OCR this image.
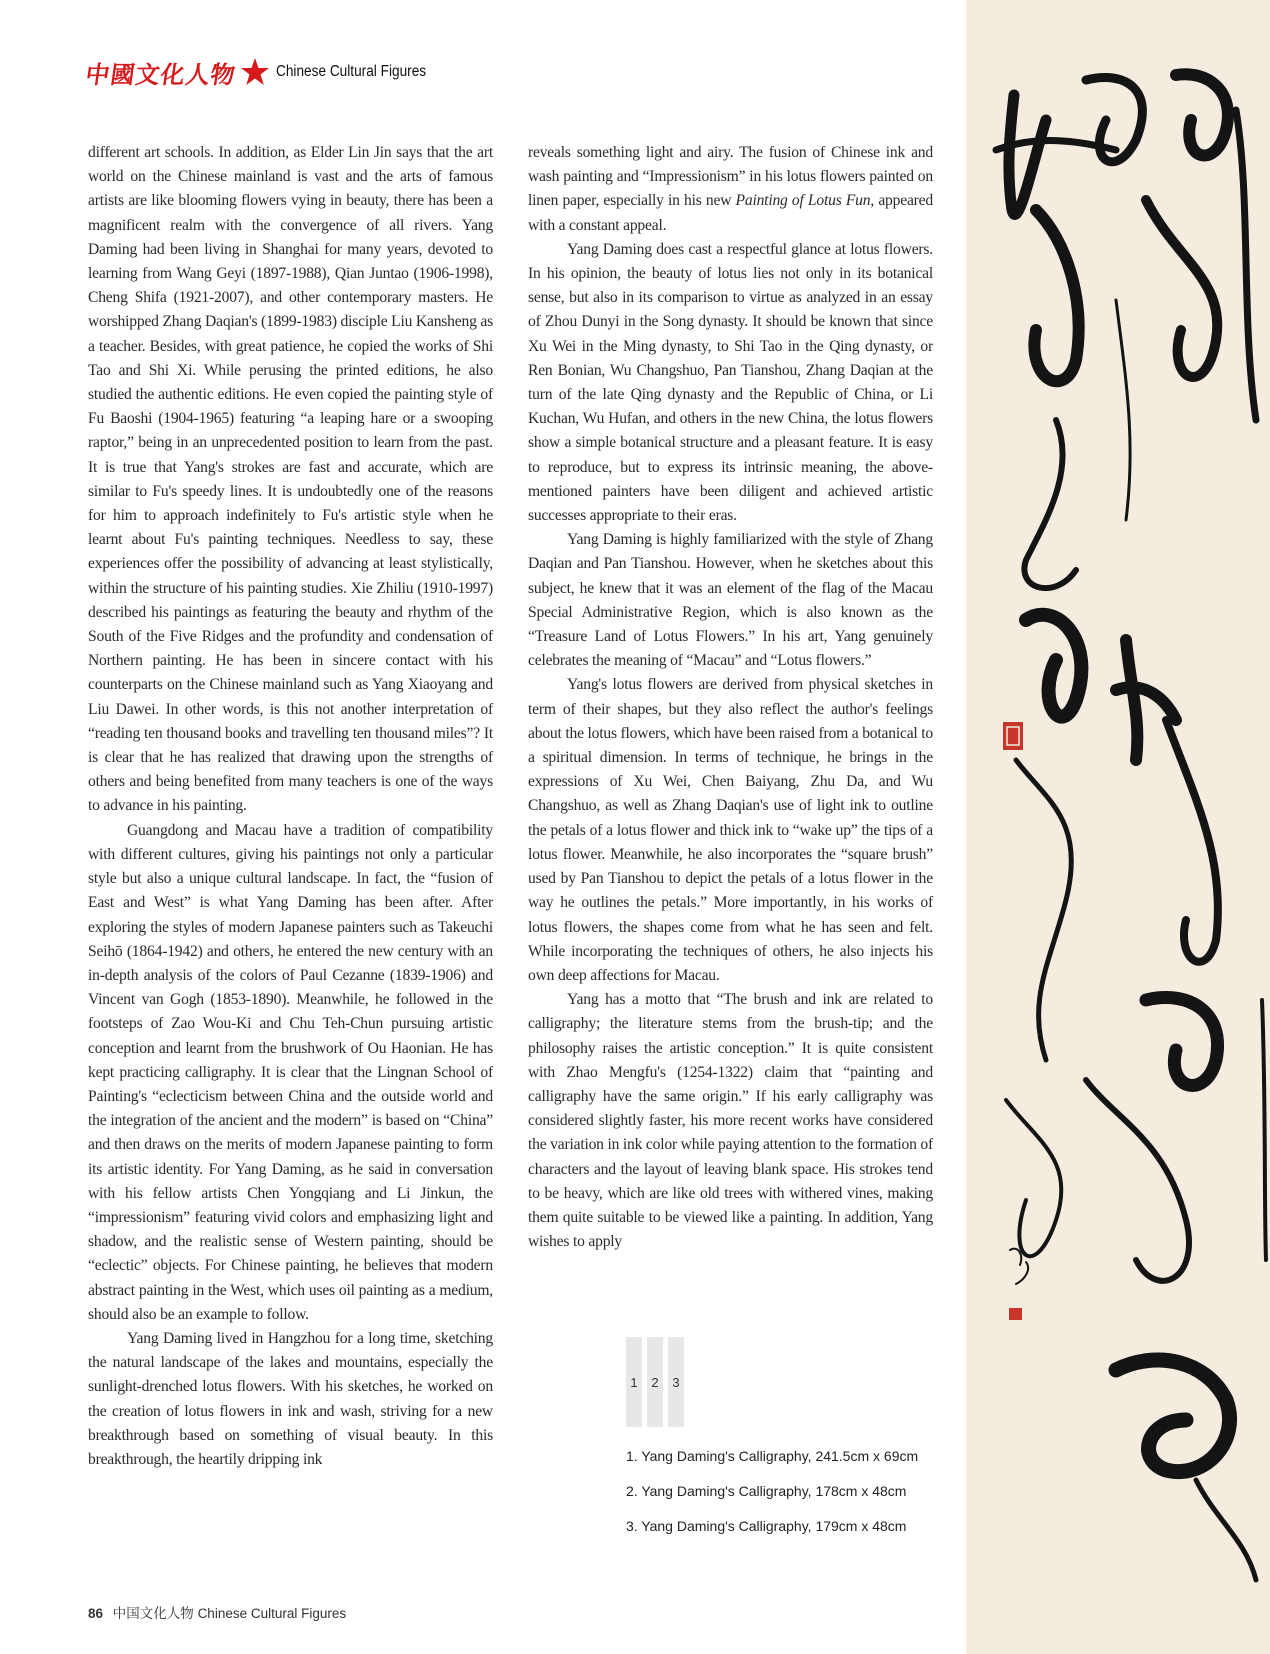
中國文化人物 Chinese Cultural Figures

different art schools. In addition, as Elder Lin Jin says that the art world on the Chinese mainland is vast and the arts of famous artists are like blooming flowers vying in beauty, there has been a magnificent realm with the convergence of all rivers. Yang Daming had been living in Shanghai for many years, devoted to learning from Wang Geyi (1897-1988), Qian Juntao (1906-1998), Cheng Shifa (1921-2007), and other contemporary masters. He worshipped Zhang Daqian's (1899-1983) disciple Liu Kansheng as a teacher. Besides, with great patience, he copied the works of Shi Tao and Shi Xi. While perusing the printed editions, he also studied the authentic editions. He even copied the painting style of Fu Baoshi (1904-1965) featuring “a leaping hare or a swooping raptor,” being in an unprecedented position to learn from the past. It is true that Yang's strokes are fast and accurate, which are similar to Fu's speedy lines. It is undoubtedly one of the reasons for him to approach indefinitely to Fu's artistic style when he learnt about Fu's painting techniques. Needless to say, these experiences offer the possibility of advancing at least stylistically, within the structure of his painting studies. Xie Zhiliu (1910-1997) described his paintings as featuring the beauty and rhythm of the South of the Five Ridges and the profundity and condensation of Northern painting. He has been in sincere contact with his counterparts on the Chinese mainland such as Yang Xiaoyang and Liu Dawei. In other words, is this not another interpretation of “reading ten thousand books and travelling ten thousand miles”? It is clear that he has realized that drawing upon the strengths of others and being benefited from many teachers is one of the ways to advance in his painting.

Guangdong and Macau have a tradition of compatibility with different cultures, giving his paintings not only a particular style but also a unique cultural landscape. In fact, the “fusion of East and West” is what Yang Daming has been after. After exploring the styles of modern Japanese painters such as Takeuchi Seihō (1864-1942) and others, he entered the new century with an in-depth analysis of the colors of Paul Cezanne (1839-1906) and Vincent van Gogh (1853-1890). Meanwhile, he followed in the footsteps of Zao Wou-Ki and Chu Teh-Chun pursuing artistic conception and learnt from the brushwork of Ou Haonian. He has kept practicing calligraphy. It is clear that the Lingnan School of Painting's “eclecticism between China and the outside world and the integration of the ancient and the modern” is based on “China” and then draws on the merits of modern Japanese painting to form its artistic identity. For Yang Daming, as he said in conversation with his fellow artists Chen Yongqiang and Li Jinkun, the “impressionism” featuring vivid colors and emphasizing light and shadow, and the realistic sense of Western painting, should be “eclectic” objects. For Chinese painting, he believes that modern abstract painting in the West, which uses oil painting as a medium, should also be an example to follow.

Yang Daming lived in Hangzhou for a long time, sketching the natural landscape of the lakes and mountains, especially the sunlight-drenched lotus flowers. With his sketches, he worked on the creation of lotus flowers in ink and wash, striving for a new breakthrough based on something of visual beauty. In this breakthrough, the heartily dripping ink

reveals something light and airy. The fusion of Chinese ink and wash painting and “Impressionism” in his lotus flowers painted on linen paper, especially in his new Painting of Lotus Fun, appeared with a constant appeal.

Yang Daming does cast a respectful glance at lotus flowers. In his opinion, the beauty of lotus lies not only in its botanical sense, but also in its comparison to virtue as analyzed in an essay of Zhou Dunyi in the Song dynasty. It should be known that since Xu Wei in the Ming dynasty, to Shi Tao in the Qing dynasty, or Ren Bonian, Wu Changshuo, Pan Tianshou, Zhang Daqian at the turn of the late Qing dynasty and the Republic of China, or Li Kuchan, Wu Hufan, and others in the new China, the lotus flowers show a simple botanical structure and a pleasant feature. It is easy to reproduce, but to express its intrinsic meaning, the above-mentioned painters have been diligent and achieved artistic successes appropriate to their eras.

Yang Daming is highly familiarized with the style of Zhang Daqian and Pan Tianshou. However, when he sketches about this subject, he knew that it was an element of the flag of the Macau Special Administrative Region, which is also known as the “Treasure Land of Lotus Flowers.” In his art, Yang genuinely celebrates the meaning of “Macau” and “Lotus flowers.”

Yang's lotus flowers are derived from physical sketches in term of their shapes, but they also reflect the author's feelings about the lotus flowers, which have been raised from a botanical to a spiritual dimension. In terms of technique, he brings in the expressions of Xu Wei, Chen Baiyang, Zhu Da, and Wu Changshuo, as well as Zhang Daqian's use of light ink to outline the petals of a lotus flower and thick ink to “wake up” the tips of a lotus flower. Meanwhile, he also incorporates the “square brush” used by Pan Tianshou to depict the petals of a lotus flower in the way he outlines the petals.” More importantly, in his works of lotus flowers, the shapes come from what he has seen and felt. While incorporating the techniques of others, he also injects his own deep affections for Macau.

Yang has a motto that “The brush and ink are related to calligraphy; the literature stems from the brush-tip; and the philosophy raises the artistic conception.” It is quite consistent with Zhao Mengfu's (1254-1322) claim that “painting and calligraphy have the same origin.” If his early calligraphy was considered slightly faster, his more recent works have considered the variation in ink color while paying attention to the formation of characters and the layout of leaving blank space. His strokes tend to be heavy, which are like old trees with withered vines, making them quite suitable to be viewed like a painting. In addition, Yang wishes to apply

1	2	3
1. Yang Daming's Calligraphy, 241.5cm x 69cm
2. Yang Daming's Calligraphy, 178cm x 48cm
3. Yang Daming's Calligraphy, 179cm x 48cm
86 中国文化人物 Chinese Cultural Figures
